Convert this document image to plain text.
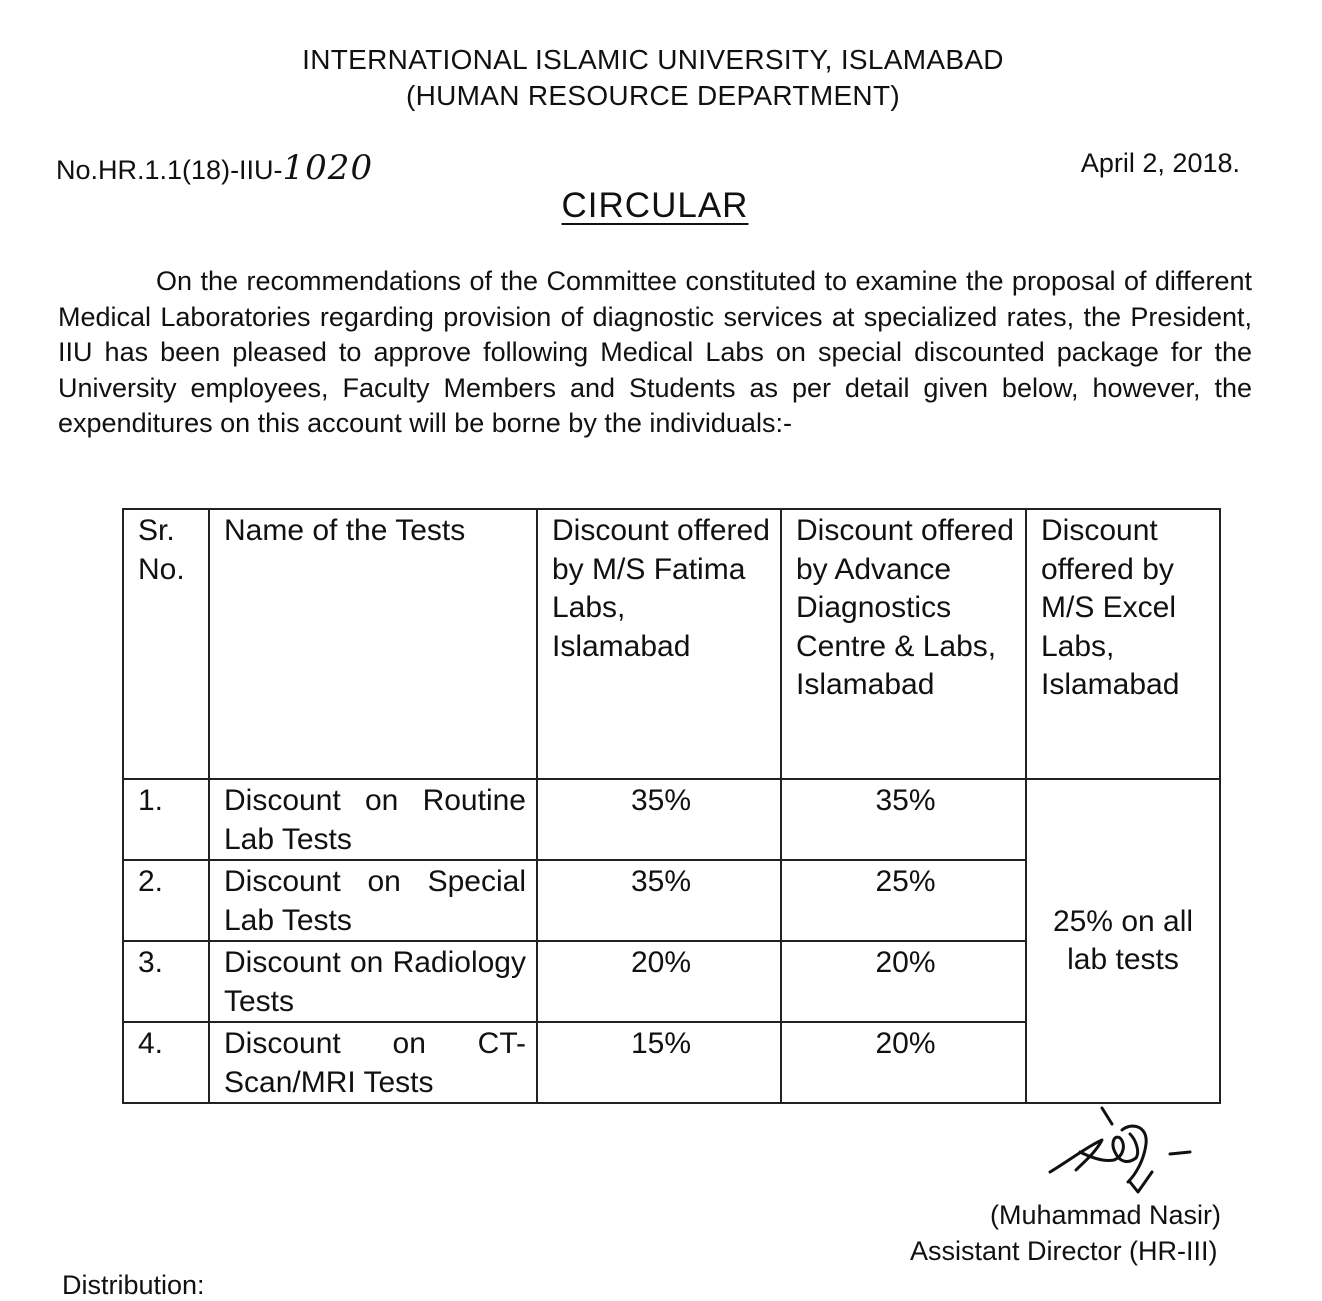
INTERNATIONAL ISLAMIC UNIVERSITY, ISLAMABAD
(HUMAN RESOURCE DEPARTMENT)
No.HR.1.1(18)-IIU-1020	April 2, 2018.
CIRCULAR

On the recommendations of the Committee constituted to examine the proposal of different Medical Laboratories regarding provision of diagnostic services at specialized rates, the President, IIU has been pleased to approve following Medical Labs on special discounted package for the University employees, Faculty Members and Students as per detail given below, however, the expenditures on this account will be borne by the individuals:-

Sr. No.	Name of the Tests	Discount offered by M/S Fatima Labs, Islamabad	Discount offered by Advance Diagnostics Centre & Labs, Islamabad	Discount offered by M/S Excel Labs, Islamabad
1.	Discount on Routine Lab Tests	35%	35%	25% on all lab tests
2.	Discount on Special Lab Tests	35%	25%	
3.	Discount on Radiology Tests	20%	20%	
4.	Discount on CT-Scan/MRI Tests	15%	20%	
(Muhammad Nasir)
Assistant Director (HR-III)
Distribution:
